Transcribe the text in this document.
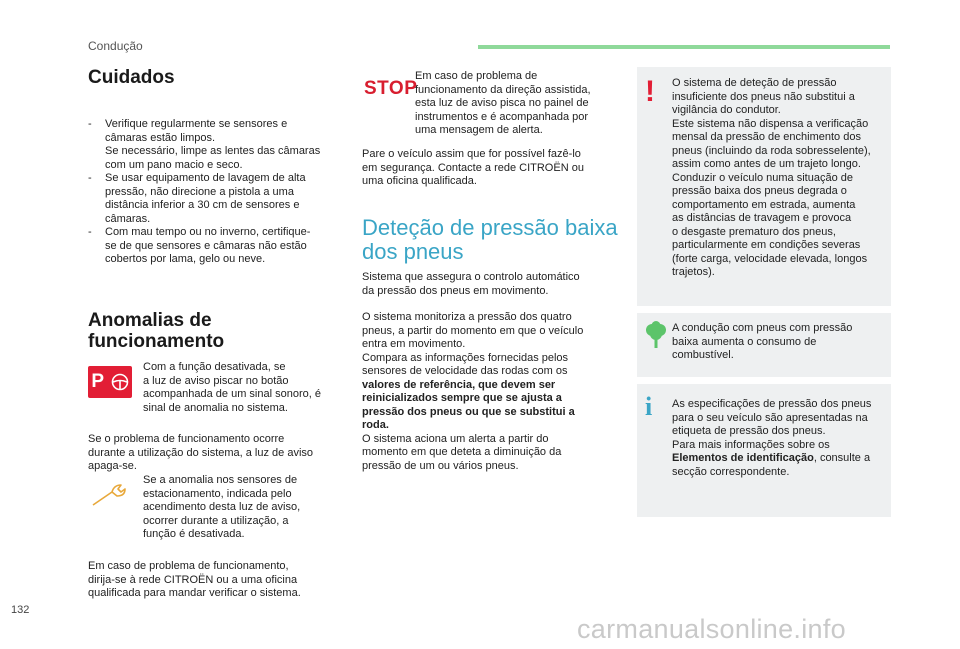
Condução
Cuidados
- Verifique regularmente se sensores e
câmaras estão limpos.
Se necessário, limpe as lentes das câmaras
com um pano macio e seco.
- Se usar equipamento de lavagem de alta
pressão, não direcione a pistola a uma
distância inferior a 30 cm de sensores e
câmaras.
- Com mau tempo ou no inverno, certifique-
se de que sensores e câmaras não estão
cobertos por lama, gelo ou neve.
Anomalias de
funcionamento
P
Com a função desativada, se
a luz de aviso piscar no botão
acompanhada de um sinal sonoro, é
sinal de anomalia no sistema.
Se o problema de funcionamento ocorre
durante a utilização do sistema, a luz de aviso
apaga-se.
Se a anomalia nos sensores de
estacionamento, indicada pelo
acendimento desta luz de aviso,
ocorrer durante a utilização, a
função é desativada.
Em caso de problema de funcionamento,
dirija-se à rede CITROËN ou a uma oficina
qualificada para mandar verificar o sistema.
STOP
Em caso de problema de
funcionamento da direção assistida,
esta luz de aviso pisca no painel de
instrumentos e é acompanhada por
uma mensagem de alerta.
Pare o veículo assim que for possível fazê-lo
em segurança. Contacte a rede CITROËN ou
uma oficina qualificada.
Deteção de pressão baixa
dos pneus
Sistema que assegura o controlo automático
da pressão dos pneus em movimento.
O sistema monitoriza a pressão dos quatro
pneus, a partir do momento em que o veículo
entra em movimento.
Compara as informações fornecidas pelos
sensores de velocidade das rodas com os
valores de referência, que devem ser
reinicializados sempre que se ajusta a
pressão dos pneus ou que se substitui a
roda.
O sistema aciona um alerta a partir do
momento em que deteta a diminuição da
pressão de um ou vários pneus.
! O sistema de deteção de pressão
insuficiente dos pneus não substitui a
vigilância do condutor.
Este sistema não dispensa a verificação
mensal da pressão de enchimento dos
pneus (incluindo da roda sobresselente),
assim como antes de um trajeto longo.
Conduzir o veículo numa situação de
pressão baixa dos pneus degrada o
comportamento em estrada, aumenta
as distâncias de travagem e provoca
o desgaste prematuro dos pneus,
particularmente em condições severas
(forte carga, velocidade elevada, longos
trajetos).
A condução com pneus com pressão
baixa aumenta o consumo de
combustível.
i As especificações de pressão dos pneus
para o seu veículo são apresentadas na
etiqueta de pressão dos pneus.
Para mais informações sobre os
Elementos de identificação, consulte a
secção correspondente.
132
carmanualsonline.info
